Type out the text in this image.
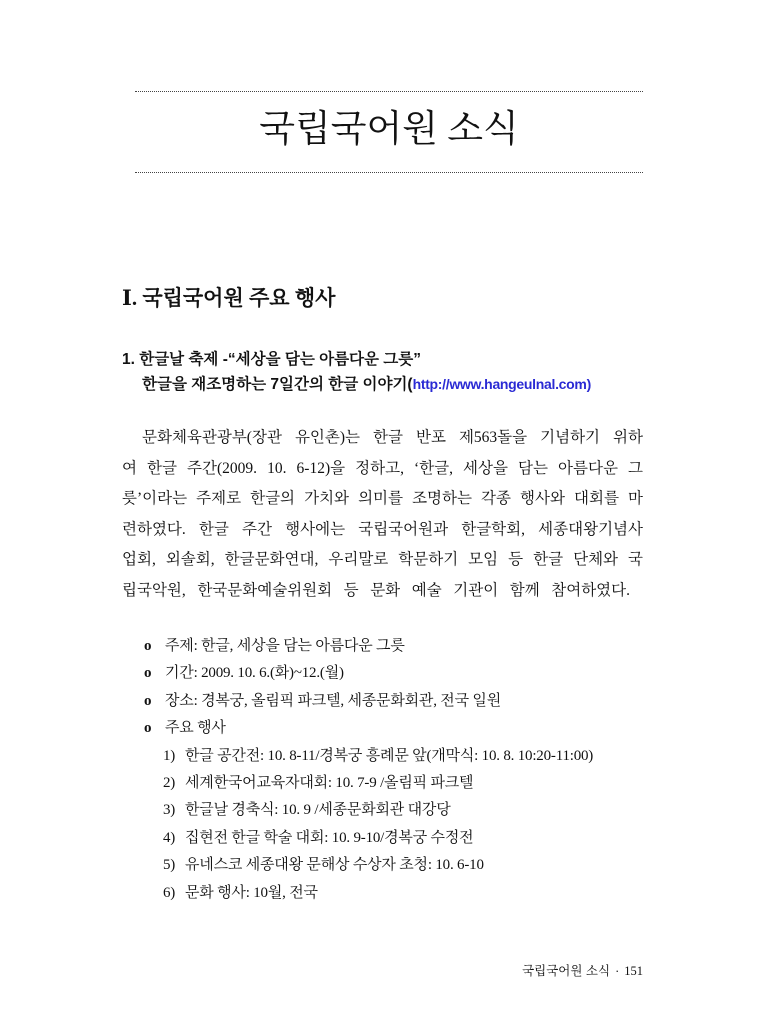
국립국어원 소식
Ⅰ. 국립국어원 주요 행사
1. 한글날 축제 -“세상을 담는 아름다운 그릇”
한글을 재조명하는 7일간의 한글 이야기(http://www.hangeulnal.com)
문화체육관광부(장관 유인촌)는 한글 반포 제563돌을 기념하기 위하
여 한글 주간(2009. 10. 6-12)을 정하고, ‘한글, 세상을 담는 아름다운 그
릇’이라는 주제로 한글의 가치와 의미를 조명하는 각종 행사와 대회를 마
련하였다. 한글 주간 행사에는 국립국어원과 한글학회, 세종대왕기념사
업회, 외솔회, 한글문화연대, 우리말로 학문하기 모임 등 한글 단체와 국
립국악원, 한국문화예술위원회 등 문화 예술 기관이 함께 참여하였다.
o 주제: 한글, 세상을 담는 아름다운 그릇
o 기간: 2009. 10. 6.(화)~12.(월)
o 장소: 경복궁, 올림픽 파크텔, 세종문화회관, 전국 일원
o 주요 행사
1) 한글 공간전: 10. 8-11/경복궁 흥례문 앞(개막식: 10. 8. 10:20-11:00)
2) 세계한국어교육자대회: 10. 7-9 /올림픽 파크텔
3) 한글날 경축식: 10. 9 /세종문화회관 대강당
4) 집현전 한글 학술 대회: 10. 9-10/경복궁 수정전
5) 유네스코 세종대왕 문해상 수상자 초청: 10. 6-10
6) 문화 행사: 10월, 전국
국립국어원 소식 · 151
